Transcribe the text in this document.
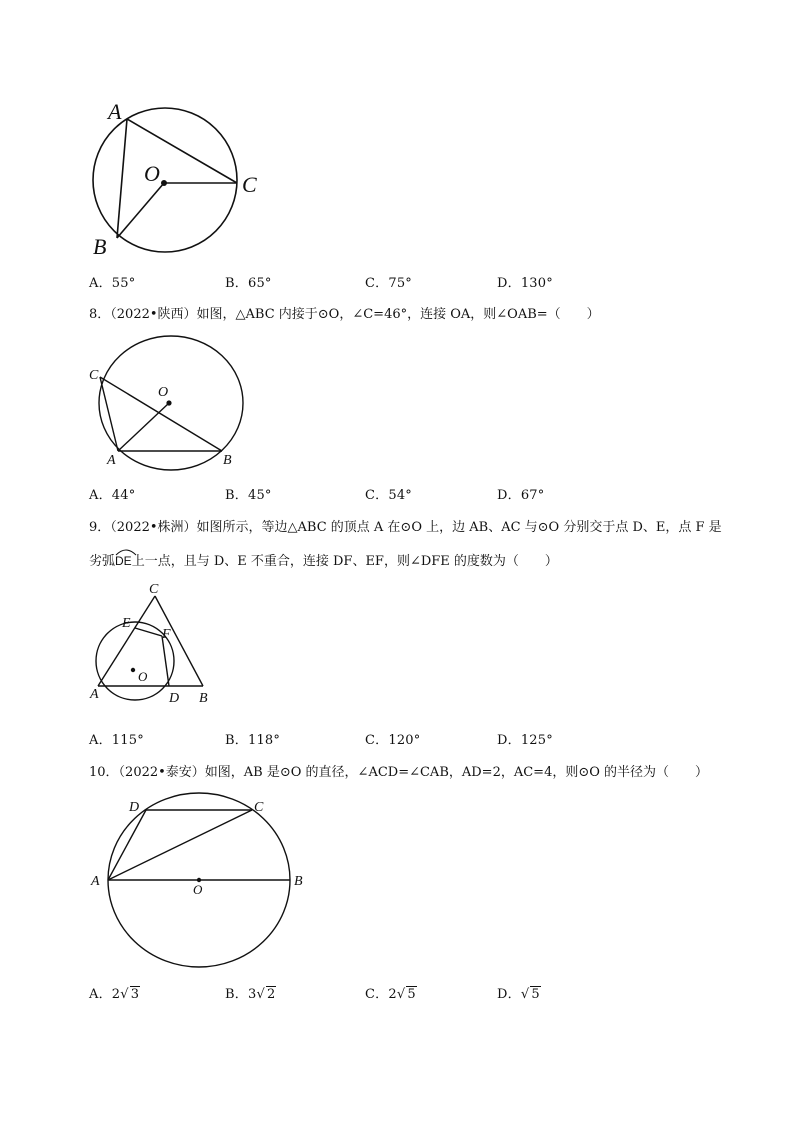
A
O	C
B
A．55°	B．65°	C．75°	D．130°
8．（2022•陕西）如图，△ABC 内接于⊙O，∠C=46°，连接 OA，则∠OAB=（　　）
C
O
A	B
A．44°	B．45°	C．54°	D．67°
9．（2022•株洲）如图所示，等边△ABC 的顶点 A 在⊙O 上，边 AB、AC 与⊙O 分别交于点 D、E，点 F 是
劣弧
DE上一点，且与 D、E 不重合，连接 DF、EF，则∠DFE 的度数为（　　）
C
E
F
O
A	D B
A．115°	B．118°	C．120°	D．125°
10．（2022•泰安）如图，AB 是⊙O 的直径，∠ACD=∠CAB，AD=2，AC=4，则⊙O 的半径为（　　）
D	C
A
O
B
A．2√ 3	B．3√ 2	C．2√ 5	D．√ 5
